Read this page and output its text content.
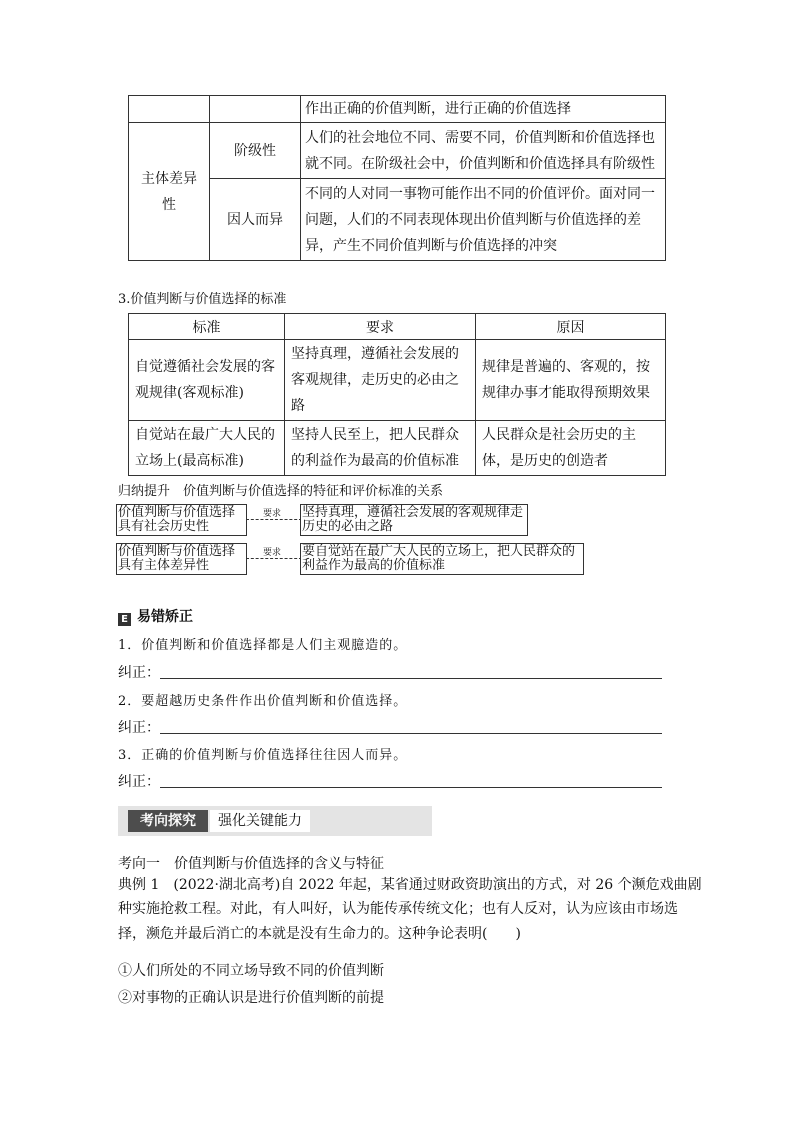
		作出正确的价值判断，进行正确的价值选择
主体差异性	阶级性	人们的社会地位不同、需要不同，价值判断和价值选择也就不同。在阶级社会中，价值判断和价值选择具有阶级性
	因人而异	不同的人对同一事物可能作出不同的价值评价。面对同一问题，人们的不同表现体现出价值判断与价值选择的差异，产生不同价值判断与价值选择的冲突
3.价值判断与价值选择的标准
标准	要求	原因
自觉遵循社会发展的客观规律(客观标准)	坚持真理，遵循社会发展的客观规律，走历史的必由之路	规律是普遍的、客观的，按规律办事才能取得预期效果
自觉站在最广大人民的立场上(最高标准)	坚持人民至上，把人民群众的利益作为最高的价值标准	人民群众是社会历史的主体，是历史的创造者
归纳提升　价值判断与价值选择的特征和评价标准的关系
价值判断与价值选择具有社会历史性
价值判断与价值选择具有主体差异性
要求
要求
坚持真理，遵循社会发展的客观规律走历史的必由之路
要自觉站在最广大人民的立场上，把人民群众的利益作为最高的价值标准
E 易错矫正
1．价值判断和价值选择都是人们主观臆造的。
纠正：
2．要超越历史条件作出价值判断和价值选择。
纠正：
3．正确的价值判断与价值选择往往因人而异。
纠正：
考向探究	强化关键能力
考向一　价值判断与价值选择的含义与特征
典例 1　(2022·湖北高考)自 2022 年起，某省通过财政资助演出的方式，对 26 个濒危戏曲剧
种实施抢救工程。对此，有人叫好，认为能传承传统文化；也有人反对，认为应该由市场选
择，濒危并最后消亡的本就是没有生命力的。这种争论表明(　　)
①人们所处的不同立场导致不同的价值判断
②对事物的正确认识是进行价值判断的前提
